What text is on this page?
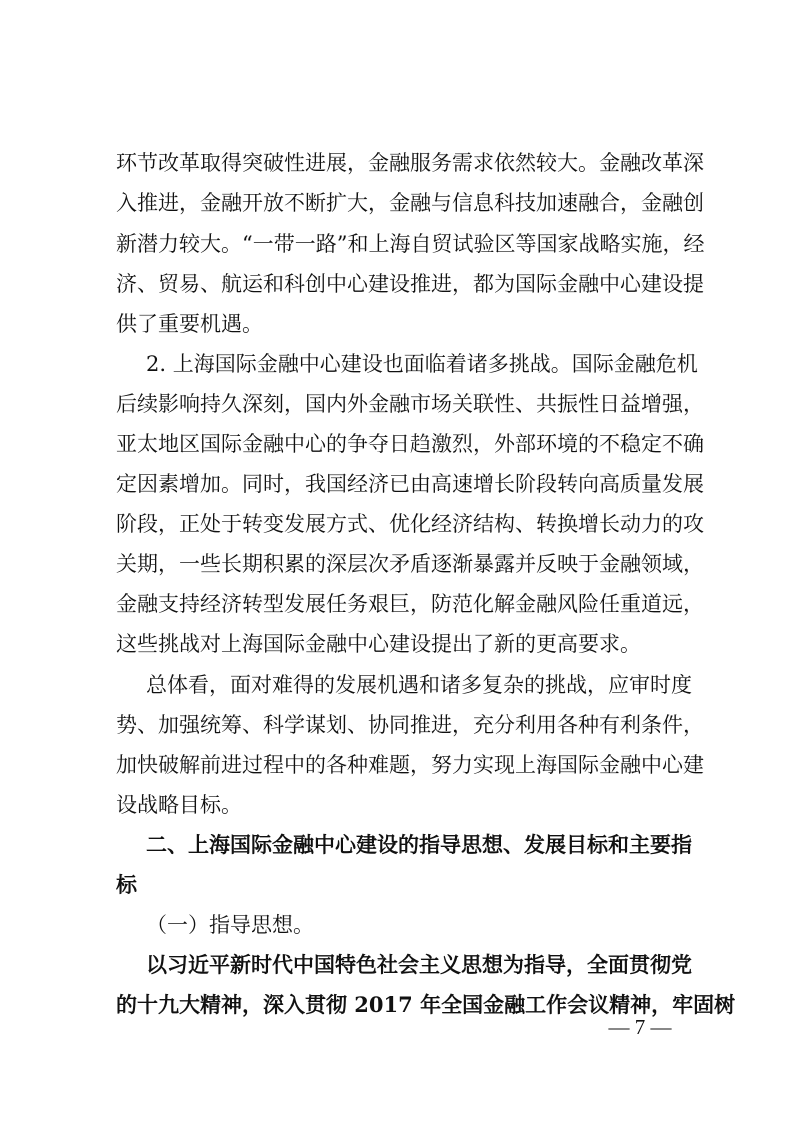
环节改革取得突破性进展，金融服务需求依然较大。金融改革深
入推进，金融开放不断扩大，金融与信息科技加速融合，金融创
新潜力较大。“一带一路”和上海自贸试验区等国家战略实施，经
济、贸易、航运和科创中心建设推进，都为国际金融中心建设提
供了重要机遇。
2. 上海国际金融中心建设也面临着诸多挑战。国际金融危机
后续影响持久深刻，国内外金融市场关联性、共振性日益增强，
亚太地区国际金融中心的争夺日趋激烈，外部环境的不稳定不确
定因素增加。同时，我国经济已由高速增长阶段转向高质量发展
阶段，正处于转变发展方式、优化经济结构、转换增长动力的攻
关期，一些长期积累的深层次矛盾逐渐暴露并反映于金融领域，
金融支持经济转型发展任务艰巨，防范化解金融风险任重道远，
这些挑战对上海国际金融中心建设提出了新的更高要求。
总体看，面对难得的发展机遇和诸多复杂的挑战，应审时度
势、加强统筹、科学谋划、协同推进，充分利用各种有利条件，
加快破解前进过程中的各种难题，努力实现上海国际金融中心建
设战略目标。
二、上海国际金融中心建设的指导思想、发展目标和主要指
标
（一）指导思想。
以习近平新时代中国特色社会主义思想为指导，全面贯彻党
的十九大精神，深入贯彻 2017 年全国金融工作会议精神，牢固树
— 7 —
